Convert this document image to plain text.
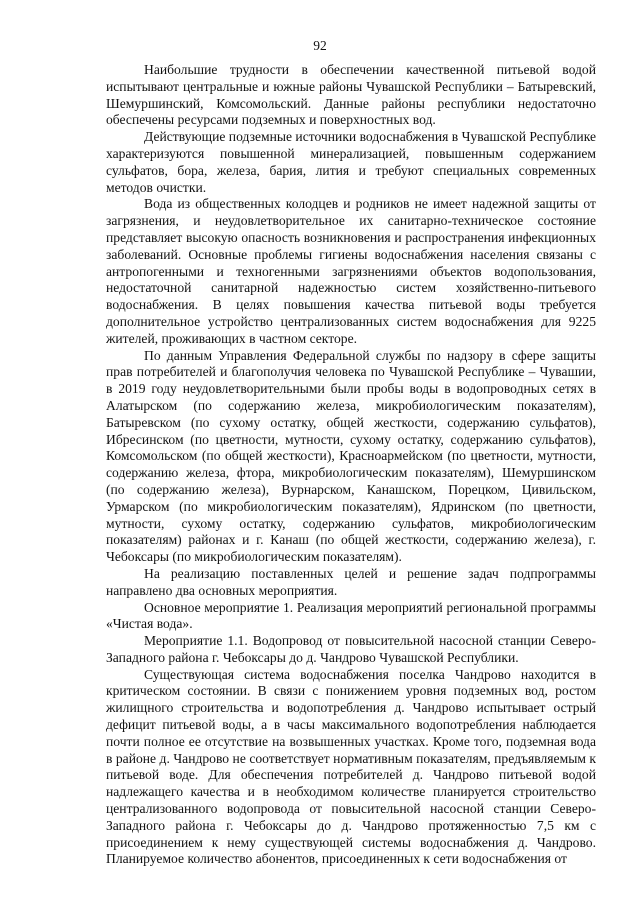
92

Наибольшие трудности в обеспечении качественной питьевой водой испытывают центральные и южные районы Чувашской Республики – Батыревский, Шемуршинский, Комсомольский. Данные районы республики недостаточно обеспечены ресурсами подземных и поверхностных вод.

Действующие подземные источники водоснабжения в Чувашской Республике характеризуются повышенной минерализацией, повышенным содержанием сульфатов, бора, железа, бария, лития и требуют специальных современных методов очистки.

Вода из общественных колодцев и родников не имеет надежной защиты от загрязнения, и неудовлетворительное их санитарно-техническое состояние представляет высокую опасность возникновения и распространения инфекционных заболеваний. Основные проблемы гигиены водоснабжения населения связаны с антропогенными и техногенными загрязнениями объектов водопользования, недостаточной санитарной надежностью систем хозяйственно-питьевого водоснабжения. В целях повышения качества питьевой воды требуется дополнительное устройство централизованных систем водоснабжения для 9225 жителей, проживающих в частном секторе.

По данным Управления Федеральной службы по надзору в сфере защиты прав потребителей и благополучия человека по Чувашской Республике – Чувашии, в 2019 году неудовлетворительными были пробы воды в водопроводных сетях в Алатырском (по содержанию железа, микробиологическим показателям), Батыревском (по сухому остатку, общей жесткости, содержанию сульфатов), Ибресинском (по цветности, мутности, сухому остатку, содержанию сульфатов), Комсомольском (по общей жесткости), Красноармейском (по цветности, мутности, содержанию железа, фтора, микробиологическим показателям), Шемуршинском (по содержанию железа), Вурнарском, Канашском, Порецком, Цивильском, Урмарском (по микробиологическим показателям), Ядринском (по цветности, мутности, сухому остатку, содержанию сульфатов, микробиологическим показателям) районах и г. Канаш (по общей жесткости, содержанию железа), г. Чебоксары (по микробиологическим показателям).

На реализацию поставленных целей и решение задач подпрограммы направлено два основных мероприятия.

Основное мероприятие 1. Реализация мероприятий региональной программы «Чистая вода».

Мероприятие 1.1. Водопровод от повысительной насосной станции Северо-Западного района г. Чебоксары до д. Чандрово Чувашской Республики.

Существующая система водоснабжения поселка Чандрово находится в критическом состоянии. В связи с понижением уровня подземных вод, ростом жилищного строительства и водопотребления д. Чандрово испытывает острый дефицит питьевой воды, а в часы максимального водопотребления наблюдается почти полное ее отсутствие на возвышенных участках. Кроме того, подземная вода в районе д. Чандрово не соответствует нормативным показателям, предъявляемым к питьевой воде. Для обеспечения потребителей д. Чандрово питьевой водой надлежащего качества и в необходимом количестве планируется строительство централизованного водопровода от повысительной насосной станции Северо-Западного района г. Чебоксары до д. Чандрово протяженностью 7,5 км с присоединением к нему существующей системы водоснабжения д. Чандрово. Планируемое количество абонентов, присоединенных к сети водоснабжения от
